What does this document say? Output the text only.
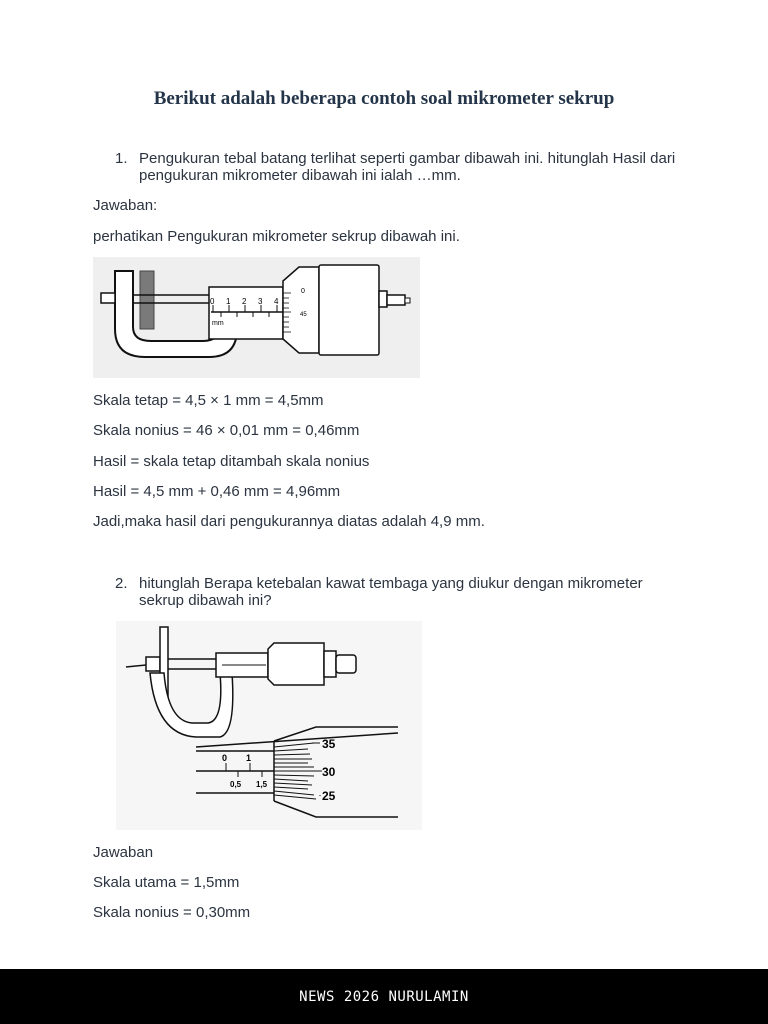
Berikut adalah beberapa contoh soal mikrometer sekrup
1. Pengukuran tebal batang terlihat seperti gambar dibawah ini. hitunglah Hasil dari pengukuran mikrometer dibawah ini ialah …mm.
Jawaban:
perhatikan Pengukuran mikrometer sekrup dibawah ini.
0 1 2 3 4
mm
0
45
Skala tetap = 4,5 × 1 mm = 4,5mm
Skala nonius = 46 × 0,01 mm = 0,46mm
Hasil = skala tetap ditambah skala nonius
Hasil = 4,5 mm + 0,46 mm = 4,96mm
Jadi,maka hasil dari pengukurannya diatas adalah 4,9 mm.
2. hitunglah Berapa ketebalan kawat tembaga yang diukur dengan mikrometer sekrup dibawah ini?
0 1
0,5 1,5
35
30
25
Jawaban
Skala utama = 1,5mm
Skala nonius = 0,30mm
NEWS 2026 NURULAMIN
